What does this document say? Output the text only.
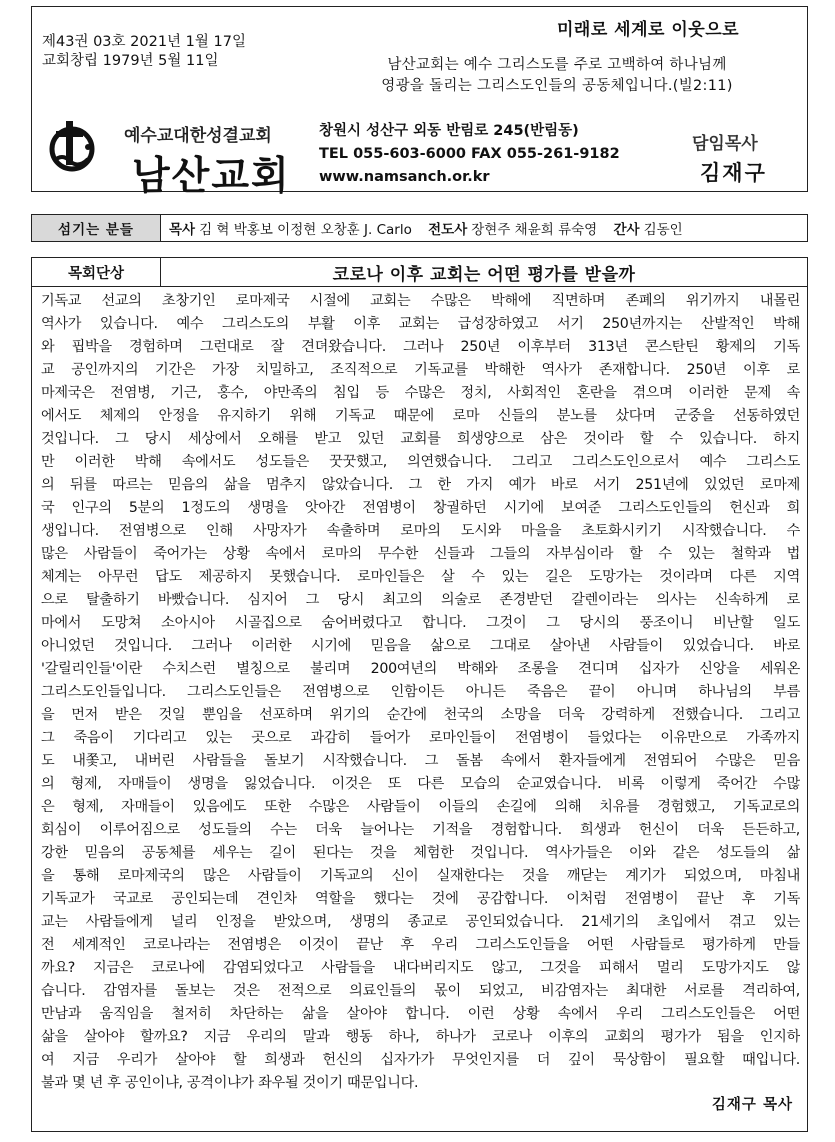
제43권 03호 2021년 1월 17일
교회창립 1979년 5월 11일
미래로 세계로 이웃으로
남산교회는 예수 그리스도를 주로 고백하여 하나님께
영광을 돌리는 그리스도인들의 공동체입니다.(빌2:11)
예수교대한성결교회
남산교회
창원시 성산구 외동 반림로 245(반림동)
TEL 055-603-6000 FAX 055-261-9182
www.namsanch.or.kr
담임목사
김재구
섬기는 분들	목사 김 혁 박홍보 이정현 오창훈 J. Carlo 전도사 장현주 채윤희 류숙영 간사 김동인
목회단상	코로나 이후 교회는 어떤 평가를 받을까
기독교 선교의 초창기인 로마제국 시절에 교회는 수많은 박해에 직면하며 존폐의 위기까지 내몰린
역사가 있습니다. 예수 그리스도의 부활 이후 교회는 급성장하였고 서기 250년까지는 산발적인 박해
와 핍박을 경험하며 그런대로 잘 견뎌왔습니다. 그러나 250년 이후부터 313년 콘스탄틴 황제의 기독
교 공인까지의 기간은 가장 치밀하고, 조직적으로 기독교를 박해한 역사가 존재합니다. 250년 이후 로
마제국은 전염병, 기근, 홍수, 야만족의 침입 등 수많은 정치, 사회적인 혼란을 겪으며 이러한 문제 속
에서도 체제의 안정을 유지하기 위해 기독교 때문에 로마 신들의 분노를 샀다며 군중을 선동하였던
것입니다. 그 당시 세상에서 오해를 받고 있던 교회를 희생양으로 삼은 것이라 할 수 있습니다. 하지
만 이러한 박해 속에서도 성도들은 꿋꿋했고, 의연했습니다. 그리고 그리스도인으로서 예수 그리스도
의 뒤를 따르는 믿음의 삶을 멈추지 않았습니다. 그 한 가지 예가 바로 서기 251년에 있었던 로마제
국 인구의 5분의 1정도의 생명을 앗아간 전염병이 창궐하던 시기에 보여준 그리스도인들의 헌신과 희
생입니다. 전염병으로 인해 사망자가 속출하며 로마의 도시와 마을을 초토화시키기 시작했습니다. 수
많은 사람들이 죽어가는 상황 속에서 로마의 무수한 신들과 그들의 자부심이라 할 수 있는 철학과 법
체계는 아무런 답도 제공하지 못했습니다. 로마인들은 살 수 있는 길은 도망가는 것이라며 다른 지역
으로 탈출하기 바빴습니다. 심지어 그 당시 최고의 의술로 존경받던 갈렌이라는 의사는 신속하게 로
마에서 도망쳐 소아시아 시골집으로 숨어버렸다고 합니다. 그것이 그 당시의 풍조이니 비난할 일도
아니었던 것입니다. 그러나 이러한 시기에 믿음을 삶으로 그대로 살아낸 사람들이 있었습니다. 바로
'갈릴리인들'이란 수치스런 별칭으로 불리며 200여년의 박해와 조롱을 견디며 십자가 신앙을 세워온
그리스도인들입니다. 그리스도인들은 전염병으로 인함이든 아니든 죽음은 끝이 아니며 하나님의 부름
을 먼저 받은 것일 뿐임을 선포하며 위기의 순간에 천국의 소망을 더욱 강력하게 전했습니다. 그리고
그 죽음이 기다리고 있는 곳으로 과감히 들어가 로마인들이 전염병이 들었다는 이유만으로 가족까지
도 내쫓고, 내버린 사람들을 돌보기 시작했습니다. 그 돌봄 속에서 환자들에게 전염되어 수많은 믿음
의 형제, 자매들이 생명을 잃었습니다. 이것은 또 다른 모습의 순교였습니다. 비록 이렇게 죽어간 수많
은 형제, 자매들이 있음에도 또한 수많은 사람들이 이들의 손길에 의해 치유를 경험했고, 기독교로의
회심이 이루어짐으로 성도들의 수는 더욱 늘어나는 기적을 경험합니다. 희생과 헌신이 더욱 든든하고,
강한 믿음의 공동체를 세우는 길이 된다는 것을 체험한 것입니다. 역사가들은 이와 같은 성도들의 삶
을 통해 로마제국의 많은 사람들이 기독교의 신이 실재한다는 것을 깨닫는 계기가 되었으며, 마침내
기독교가 국교로 공인되는데 견인차 역할을 했다는 것에 공감합니다. 이처럼 전염병이 끝난 후 기독
교는 사람들에게 널리 인정을 받았으며, 생명의 종교로 공인되었습니다. 21세기의 초입에서 겪고 있는
전 세계적인 코로나라는 전염병은 이것이 끝난 후 우리 그리스도인들을 어떤 사람들로 평가하게 만들
까요? 지금은 코로나에 감염되었다고 사람들을 내다버리지도 않고, 그것을 피해서 멀리 도망가지도 않
습니다. 감염자를 돌보는 것은 전적으로 의료인들의 몫이 되었고, 비감염자는 최대한 서로를 격리하여,
만남과 움직임을 철저히 차단하는 삶을 살아야 합니다. 이런 상황 속에서 우리 그리스도인들은 어떤
삶을 살아야 할까요? 지금 우리의 말과 행동 하나, 하나가 코로나 이후의 교회의 평가가 됨을 인지하
여 지금 우리가 살아야 할 희생과 헌신의 십자가가 무엇인지를 더 깊이 묵상함이 필요할 때입니다.
불과 몇 년 후 공인이냐, 공격이냐가 좌우될 것이기 때문입니다.
김재구 목사
